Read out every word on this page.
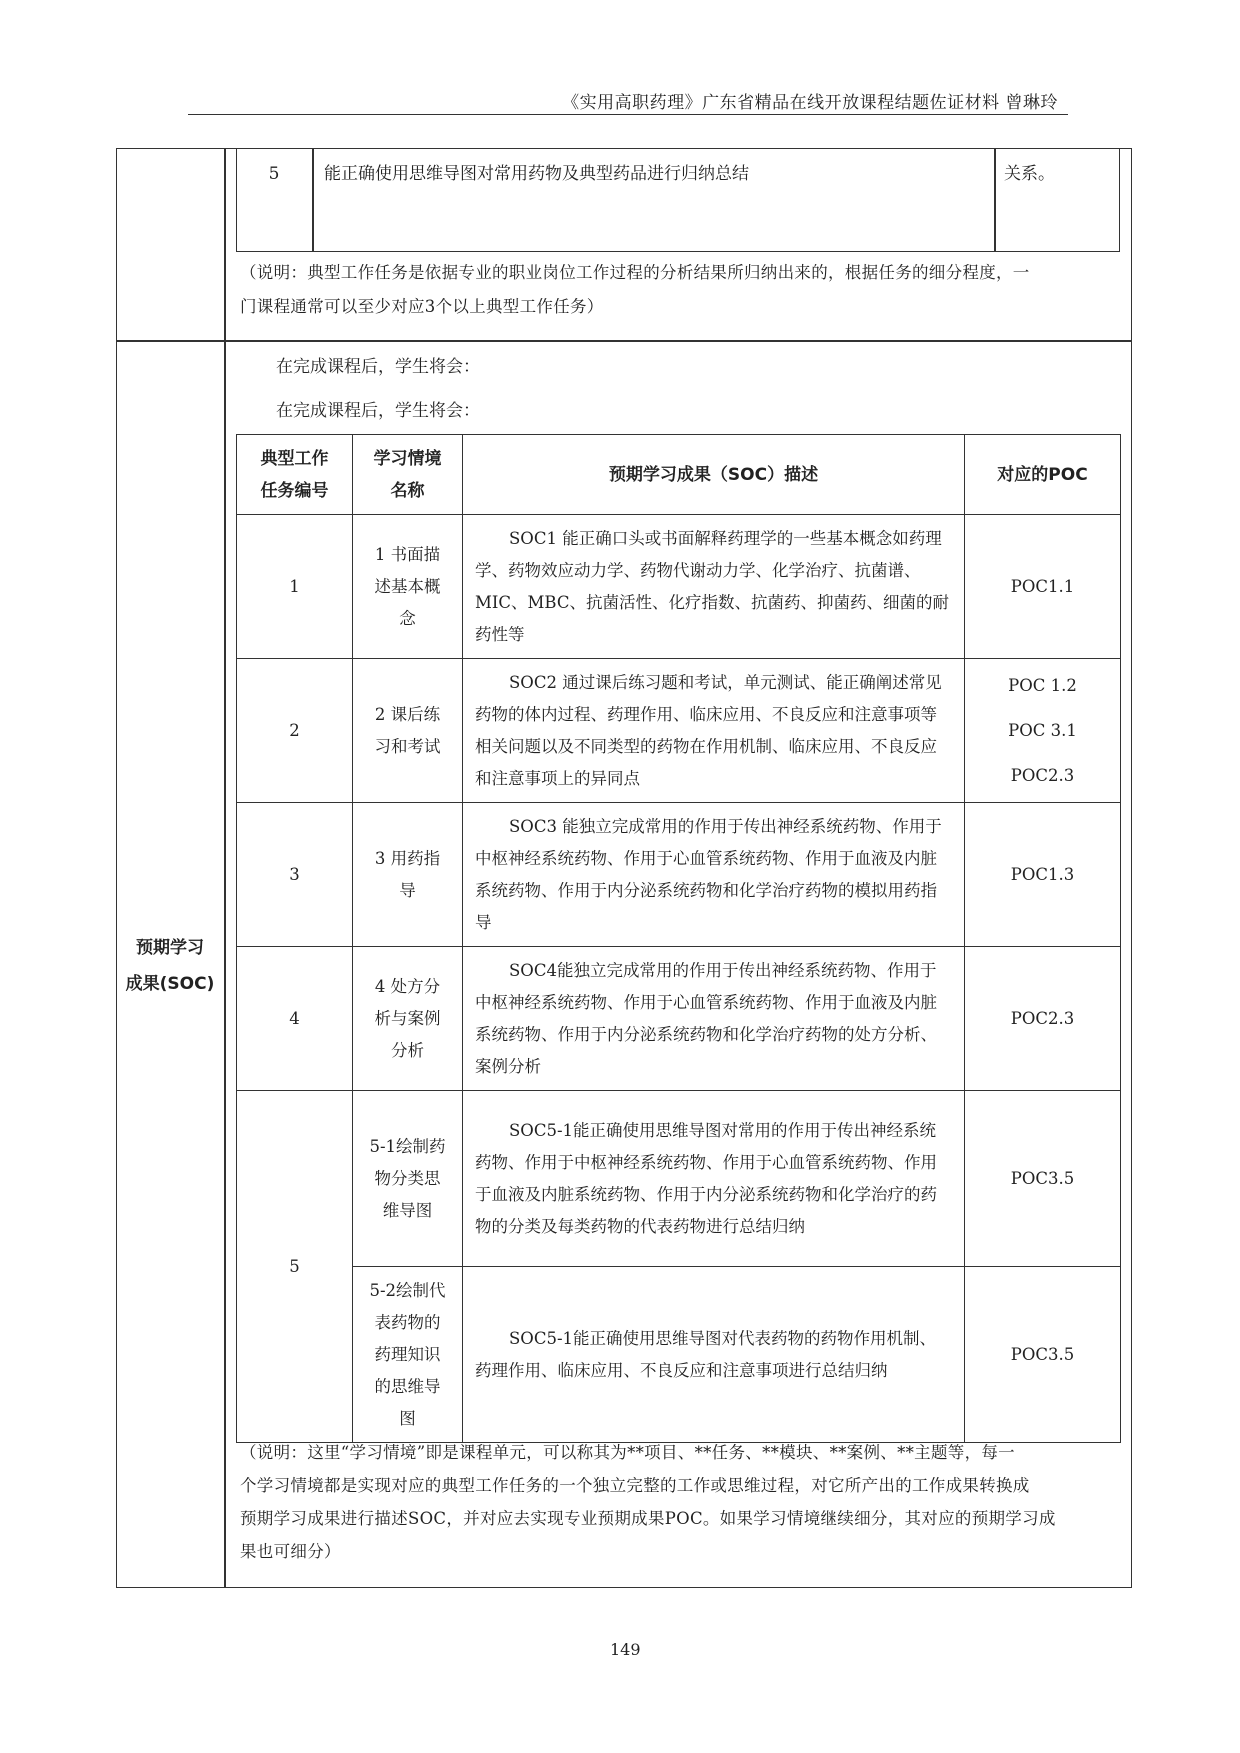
《实用高职药理》广东省精品在线开放课程结题佐证材料 曾琳玲
5	能正确使用思维导图对常用药物及典型药品进行归纳总结	关系。
（说明：典型工作任务是依据专业的职业岗位工作过程的分析结果所归纳出来的，根据任务的细分程度，一
门课程通常可以至少对应3个以上典型工作任务）
预期学习
成果(SOC)
在完成课程后，学生将会：
在完成课程后，学生将会：
典型工作任务编号	学习情境名称	预期学习成果（SOC）描述	对应的POC
1	1 书面描述基本概念	SOC1 能正确口头或书面解释药理学的一些基本概念如药理学、药物效应动力学、药物代谢动力学、化学治疗、抗菌谱、MIC、MBC、抗菌活性、化疗指数、抗菌药、抑菌药、细菌的耐药性等	POC1.1
2	2 课后练习和考试	SOC2 通过课后练习题和考试，单元测试、能正确阐述常见药物的体内过程、药理作用、临床应用、不良反应和注意事项等相关问题以及不同类型的药物在作用机制、临床应用、不良反应和注意事项上的异同点	POC 1.2
POC 3.1
POC2.3
3	3 用药指导	SOC3 能独立完成常用的作用于传出神经系统药物、作用于中枢神经系统药物、作用于心血管系统药物、作用于血液及内脏系统药物、作用于内分泌系统药物和化学治疗药物的模拟用药指导	POC1.3
4	4 处方分析与案例分析	SOC4能独立完成常用的作用于传出神经系统药物、作用于中枢神经系统药物、作用于心血管系统药物、作用于血液及内脏系统药物、作用于内分泌系统药物和化学治疗药物的处方分析、案例分析	POC2.3
5	5-1绘制药物分类思维导图	SOC5-1能正确使用思维导图对常用的作用于传出神经系统药物、作用于中枢神经系统药物、作用于心血管系统药物、作用于血液及内脏系统药物、作用于内分泌系统药物和化学治疗的药物的分类及每类药物的代表药物进行总结归纳	POC3.5
	5-2绘制代表药物的药理知识的思维导图	SOC5-1能正确使用思维导图对代表药物的药物作用机制、药理作用、临床应用、不良反应和注意事项进行总结归纳	POC3.5
（说明：这里“学习情境”即是课程单元，可以称其为**项目、**任务、**模块、**案例、**主题等，每一
个学习情境都是实现对应的典型工作任务的一个独立完整的工作或思维过程，对它所产出的工作成果转换成
预期学习成果进行描述SOC，并对应去实现专业预期成果POC。如果学习情境继续细分，其对应的预期学习成
果也可细分）
149
